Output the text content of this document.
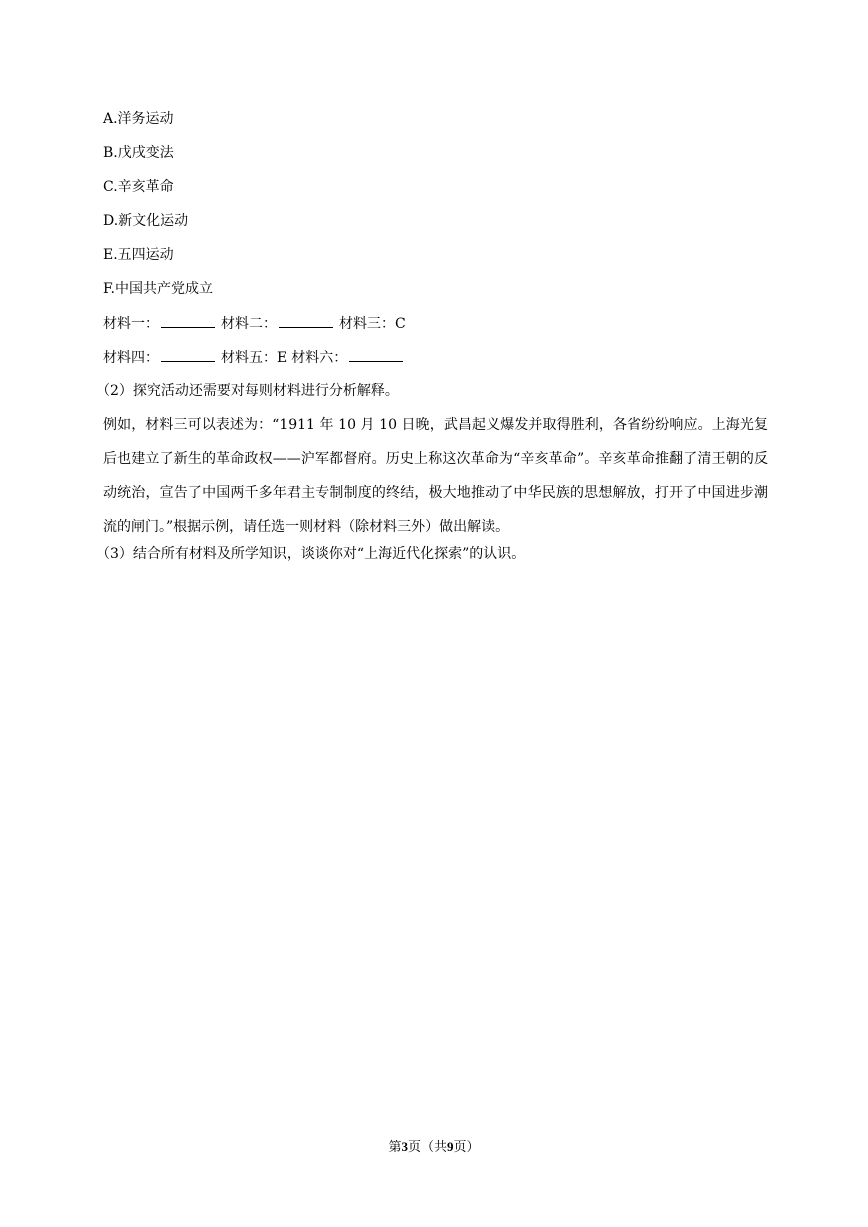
A.洋务运动
B.戊戌变法
C.辛亥革命
D.新文化运动
E.五四运动
F.中国共产党成立
材料一：	材料二：	材料三：C
材料四：	材料五：E 材料六：
（2）探究活动还需要对每则材料进行分析解释。
例如，材料三可以表述为：“1911 年 10 月 10 日晚，武昌起义爆发并取得胜利，各省纷纷响应。上海光复后也建立了新生的革命政权——沪军都督府。历史上称这次革命为“辛亥革命”。辛亥革命推翻了清王朝的反动统治，宣告了中国两千多年君主专制制度的终结，极大地推动了中华民族的思想解放，打开了中国进步潮流的闸门。”根据示例，请任选一则材料（除材料三外）做出解读。
（3）结合所有材料及所学知识，谈谈你对“上海近代化探索”的认识。
第3页（共9页）
